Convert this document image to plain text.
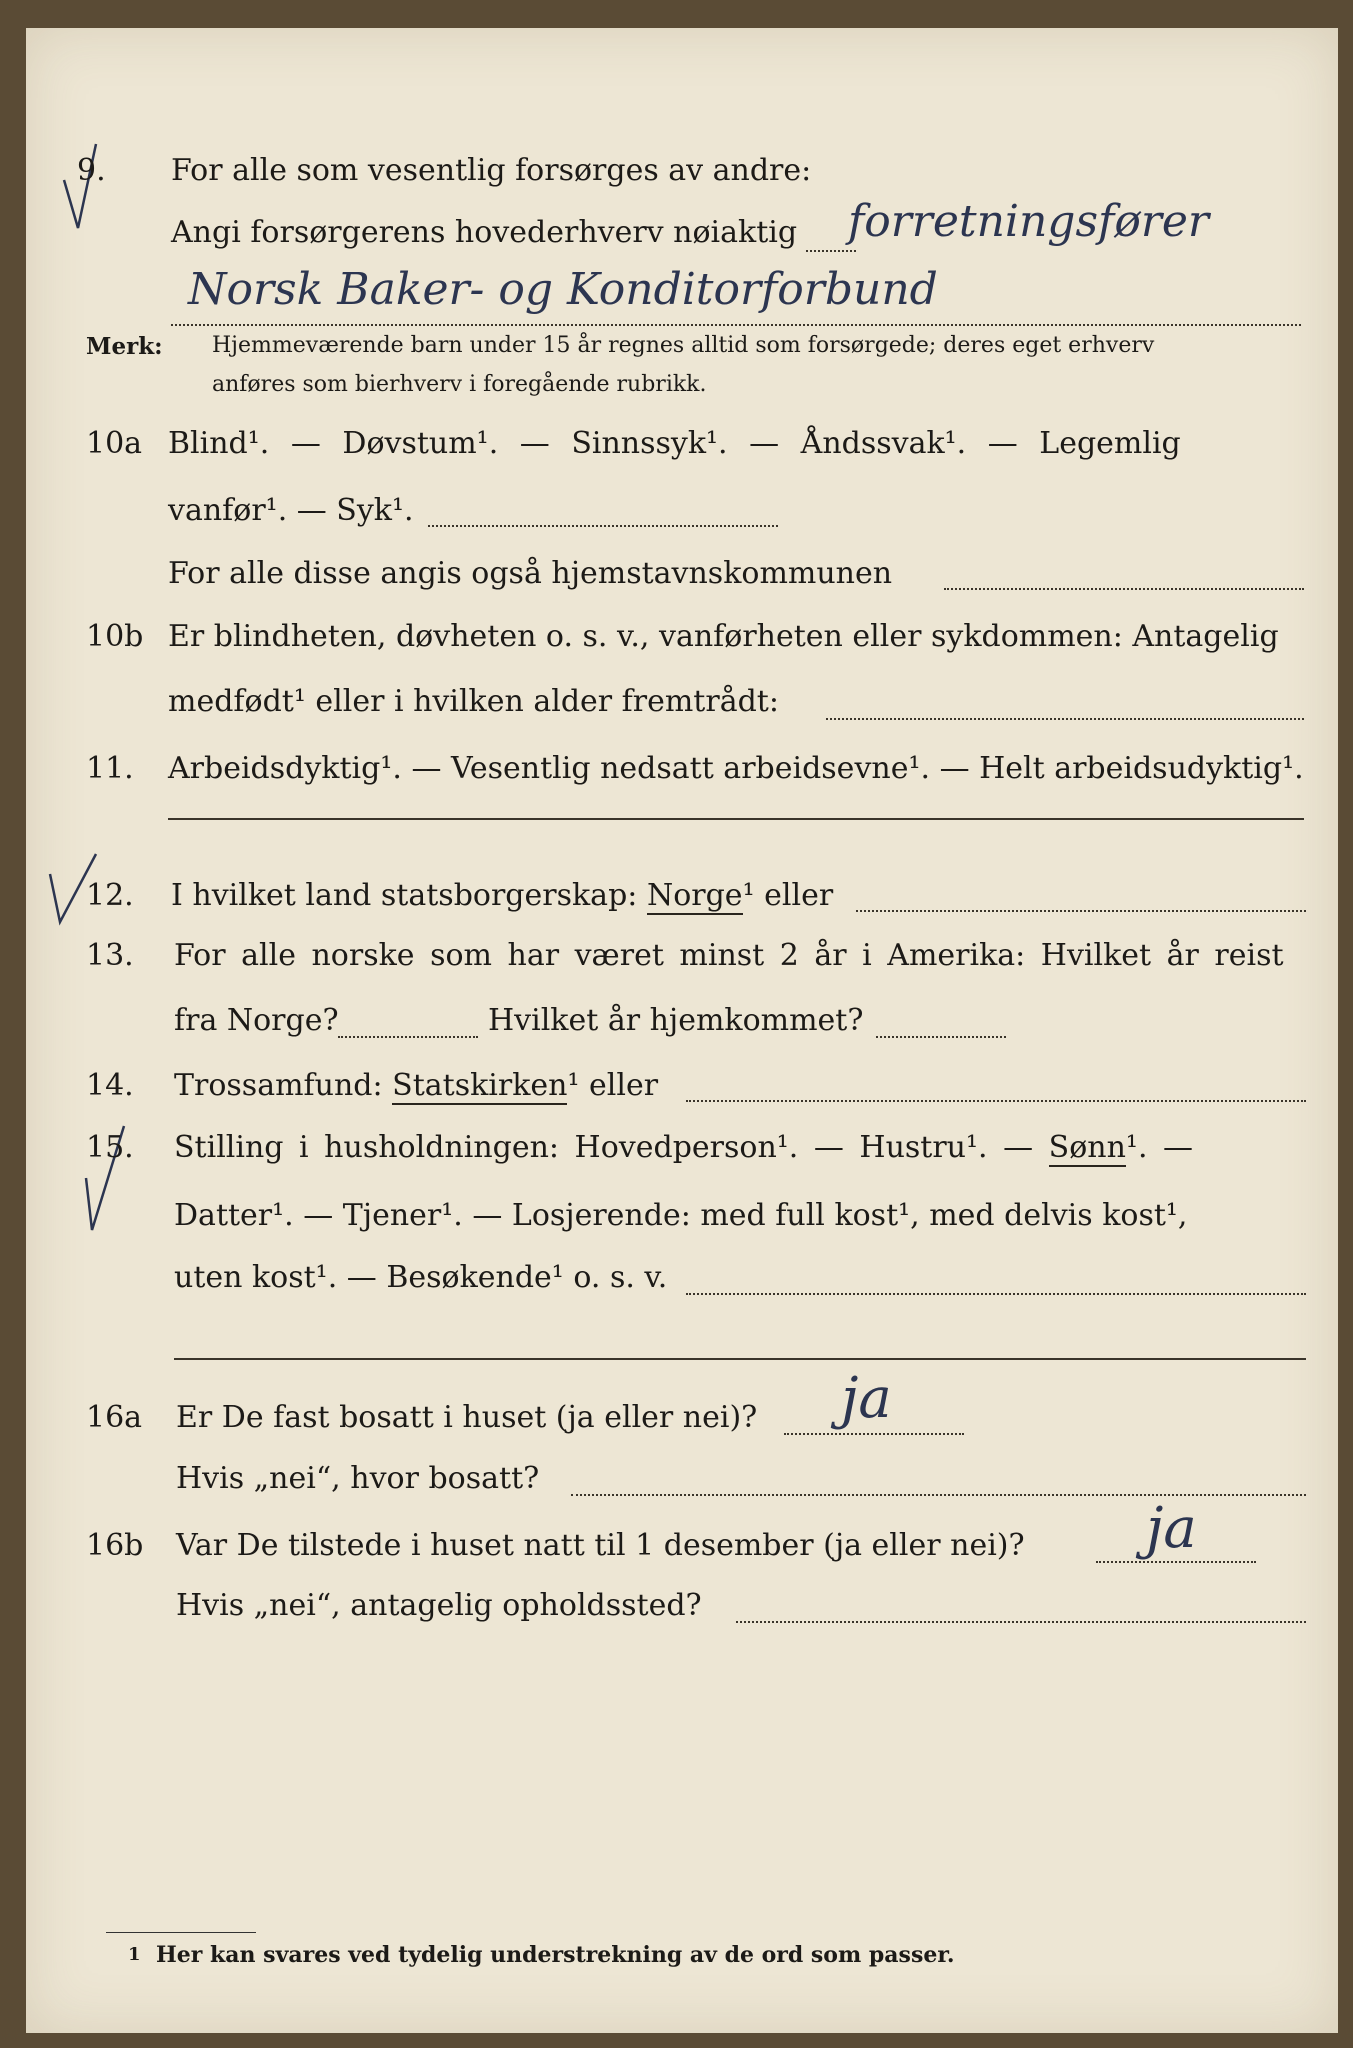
9. For alle som vesentlig forsørges av andre:
Angi forsørgerens hovederhverv nøiaktig forretningsfører
Norsk Baker- og Konditorforbund
Merk: Hjemmeværende barn under 15 år regnes alltid som forsørgede; deres eget erhverv
anføres som bierhverv i foregående rubrikk.
10a Blind¹. — Døvstum¹. — Sinnssyk¹. — Åndssvak¹. — Legemlig
vanfør¹. — Syk¹.
For alle disse angis også hjemstavnskommunen
10b Er blindheten, døvheten o. s. v., vanførheten eller sykdommen: Antagelig
medfødt¹ eller i hvilken alder fremtrådt:
11. Arbeidsdyktig¹. — Vesentlig nedsatt arbeidsevne¹. — Helt arbeidsudyktig¹.
12. I hvilket land statsborgerskap: Norge¹ eller
13. For alle norske som har været minst 2 år i Amerika: Hvilket år reist
fra Norge?	Hvilket år hjemkommet?
14. Trossamfund: Statskirken¹ eller
15. Stilling i husholdningen: Hovedperson¹. — Hustru¹. — Sønn¹. —
Datter¹. — Tjener¹. — Losjerende: med full kost¹, med delvis kost¹,
uten kost¹. — Besøkende¹ o. s. v.
16a Er De fast bosatt i huset (ja eller nei)? ja
Hvis „nei“, hvor bosatt?
16b Var De tilstede i huset natt til 1 desember (ja eller nei)? ja
Hvis „nei“, antagelig opholdssted?
1 Her kan svares ved tydelig understrekning av de ord som passer.
